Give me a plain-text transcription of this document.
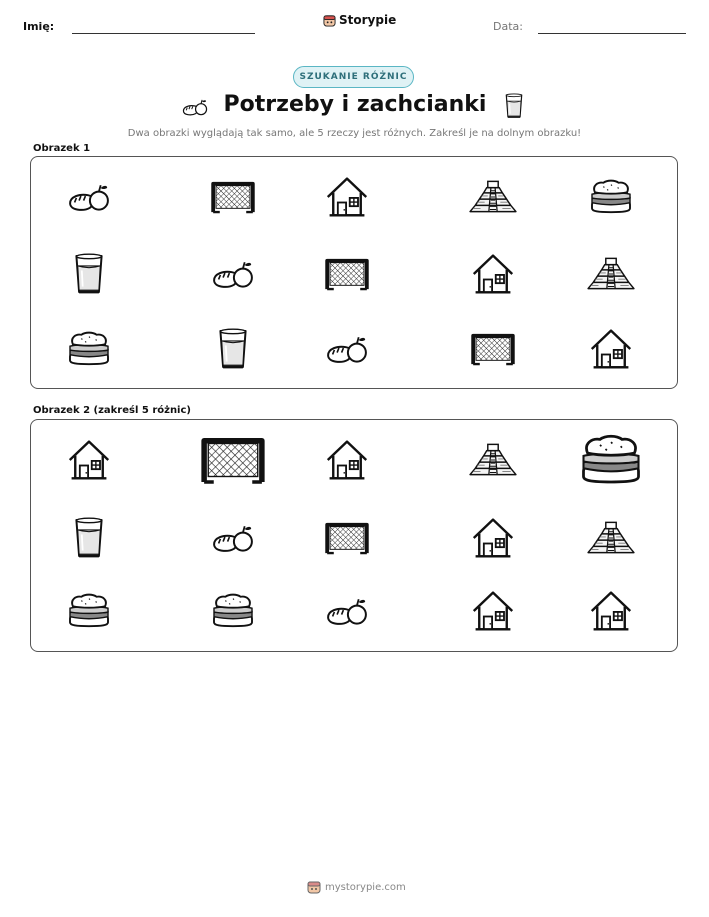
Imię:	Storypie	Data:
SZUKANIE RÓŻNIC
Potrzeby i zachcianki
Dwa obrazki wyglądają tak samo, ale 5 rzeczy jest różnych. Zakreśl je na dolnym obrazku!
Obrazek 1
Obrazek 2 (zakreśl 5 różnic)
mystorypie.com
